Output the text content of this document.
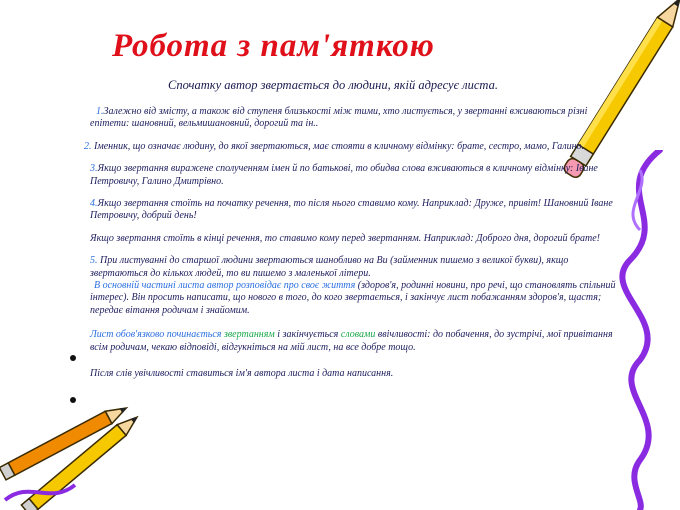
Робота з пам'яткою
Спочатку автор звертається до людини, якій адресує листа.

1.Залежно від змісту, а також від ступеня близькості між тими, хто листується, у звертанні вживаються різні епітети: шановний, вельмишановний, дорогий та ін..

2. Іменник, що означає людину, до якої звертаються, має стояти в кличному відмінку: брате, сестро, мамо, Галино.

3.Якщо звертання виражене сполученням імен й по батькові, то обидва слова вживаються в кличному відмінку: Іване Петровичу, Галино Дмитрівно.

4.Якщо звертання стоїть на початку речення, то після нього ставимо кому. Наприклад: Друже, привіт! Шановний Іване Петровичу, добрий день!

Якщо звертання стоїть в кінці речення, то ставимо кому перед звертанням. Наприклад: Доброго дня, дорогий брате!

5. При листуванні до старшої людини звертаються шанобливо на Ви (займенник пишемо з великої букви), якщо звертаються до кількох людей, то ви пишемо з маленької літери.

В основній частині листа автор розповідає про своє життя (здоров'я, родинні новини, про речі, що становлять спільний інтерес). Він просить написати, що нового в того, до кого звертається, і закінчує лист побажанням здоров'я, щастя; передає вітання родичам і знайомим.

Лист обов'язково починається звертанням і закінчується словами ввічливості: до побачення, до зустрічі, мої привітання всім родичам, чекаю відповіді, відгукніться на мій лист, на все добре тощо.

Після слів увічливості ставиться ім'я автора листа і дата написання.
